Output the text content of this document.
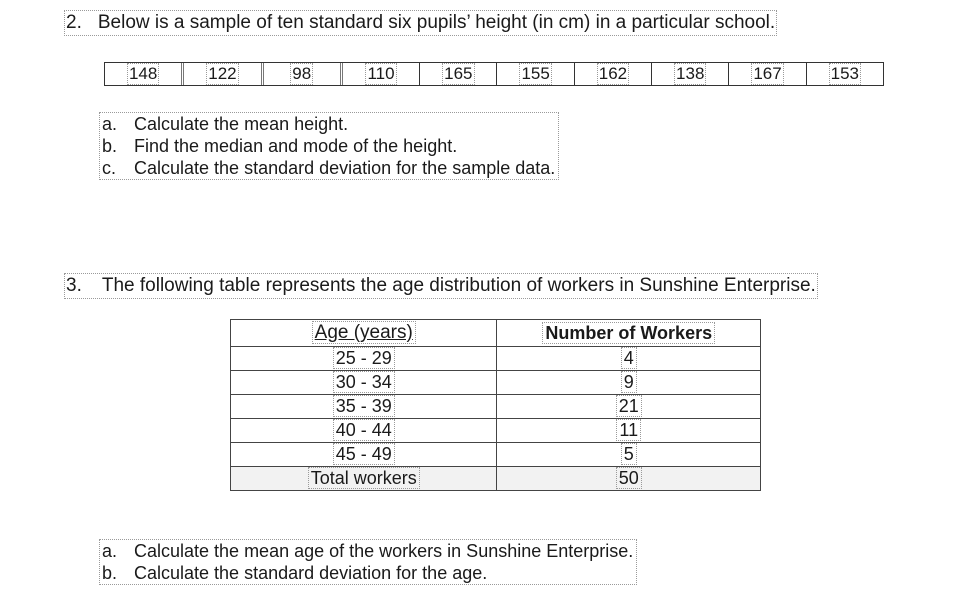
2. Below is a sample of ten standard six pupils’ height (in cm) in a particular school.
148	122	98	110	165	155	162	138	167	153
a. Calculate the mean height.
b. Find the median and mode of the height.
c. Calculate the standard deviation for the sample data.
3. The following table represents the age distribution of workers in Sunshine Enterprise.
Age (years)	Number of Workers
25 - 29	4
30 - 34	9
35 - 39	21
40 - 44	11
45 - 49	5
Total workers	50
a. Calculate the mean age of the workers in Sunshine Enterprise.
b. Calculate the standard deviation for the age.
